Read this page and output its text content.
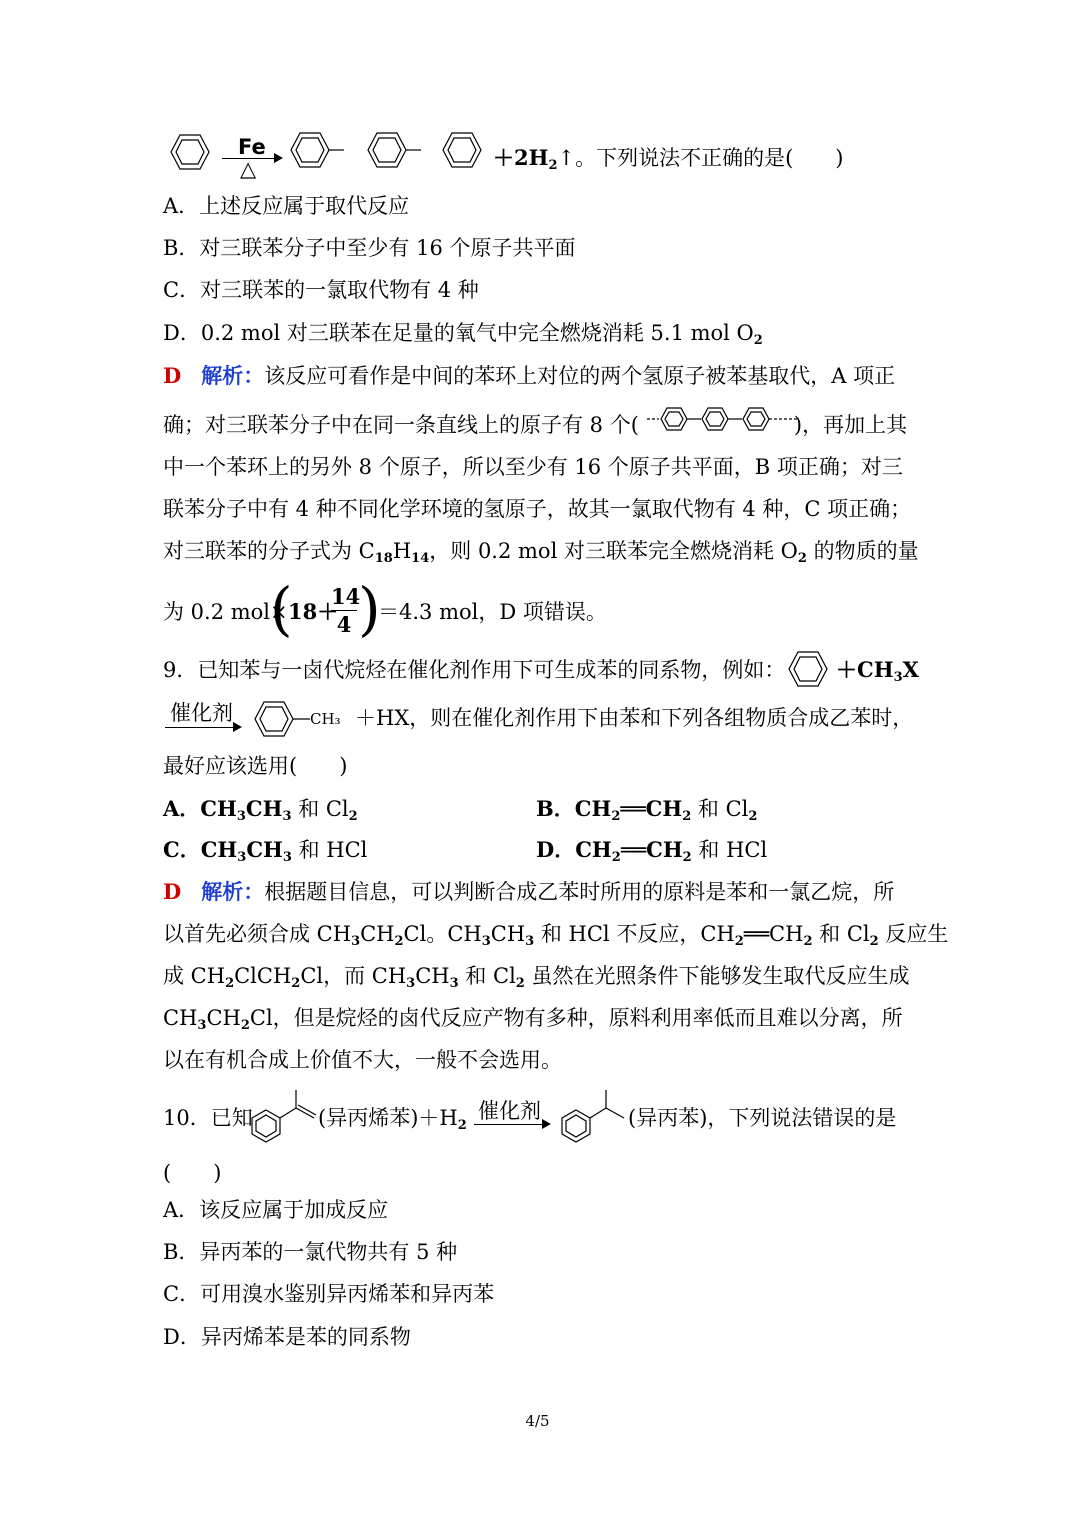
Fe
△	$+2H_2↑$。下列说法不正确的是(　　)
A．上述反应属于取代反应
B．对三联苯分子中至少有 16 个原子共平面
C．对三联苯的一氯取代物有 4 种
D．0.2 mol 对三联苯在足量的氧气中完全燃烧消耗 5.1 mol $O_2$
D 解析：该反应可看作是中间的苯环上对位的两个氢原子被苯基取代，A 项正
确；对三联苯分子中在同一条直线上的原子有 8 个(	)，再加上其
中一个苯环上的另外 8 个原子，所以至少有 16 个原子共平面，B 项正确；对三
联苯分子中有 4 种不同化学环境的氢原子，故其一氯取代物有 4 种，C 项正确；
对三联苯的分子式为 $C_{18}H_{14}$，则 0.2 mol 对三联苯完全燃烧消耗 $O_2$ 的物质的量
为 0.2 mol×
(
18＋
14
4 )
＝4.3 mol，D 项错误。
9．已知苯与一卤代烷烃在催化剂作用下可生成苯的同系物，例如： $+CH_3X$
催化剂	CH₃ ＋HX，则在催化剂作用下由苯和下列各组物质合成乙苯时，
最好应该选用(　　)
A．$CH_3CH_3$ 和 $Cl_2$	B．$CH_2══CH_2$ 和 $Cl_2$
C．$CH_3CH_3$ 和 HCl	D．$CH_2══CH_2$ 和 HCl
D 解析：根据题目信息，可以判断合成乙苯时所用的原料是苯和一氯乙烷，所
以首先必须合成 $CH_3CH_2Cl$。$CH_3CH_3$ 和 HCl 不反应，$CH_2══CH_2$ 和 $Cl_2$ 反应生
成 $CH_2ClCH_2Cl$，而 $CH_3CH_3$ 和 $Cl_2$ 虽然在光照条件下能够发生取代反应生成
$CH_3CH_2Cl$，但是烷烃的卤代反应产物有多种，原料利用率低而且难以分离，所
以在有机合成上价值不大，一般不会选用。
10．已知	(异丙烯苯)$+H_2$
催化剂	(异丙苯)，下列说法错误的是
(　　)
A．该反应属于加成反应
B．异丙苯的一氯代物共有 5 种
C．可用溴水鉴别异丙烯苯和异丙苯
D．异丙烯苯是苯的同系物
4/5
